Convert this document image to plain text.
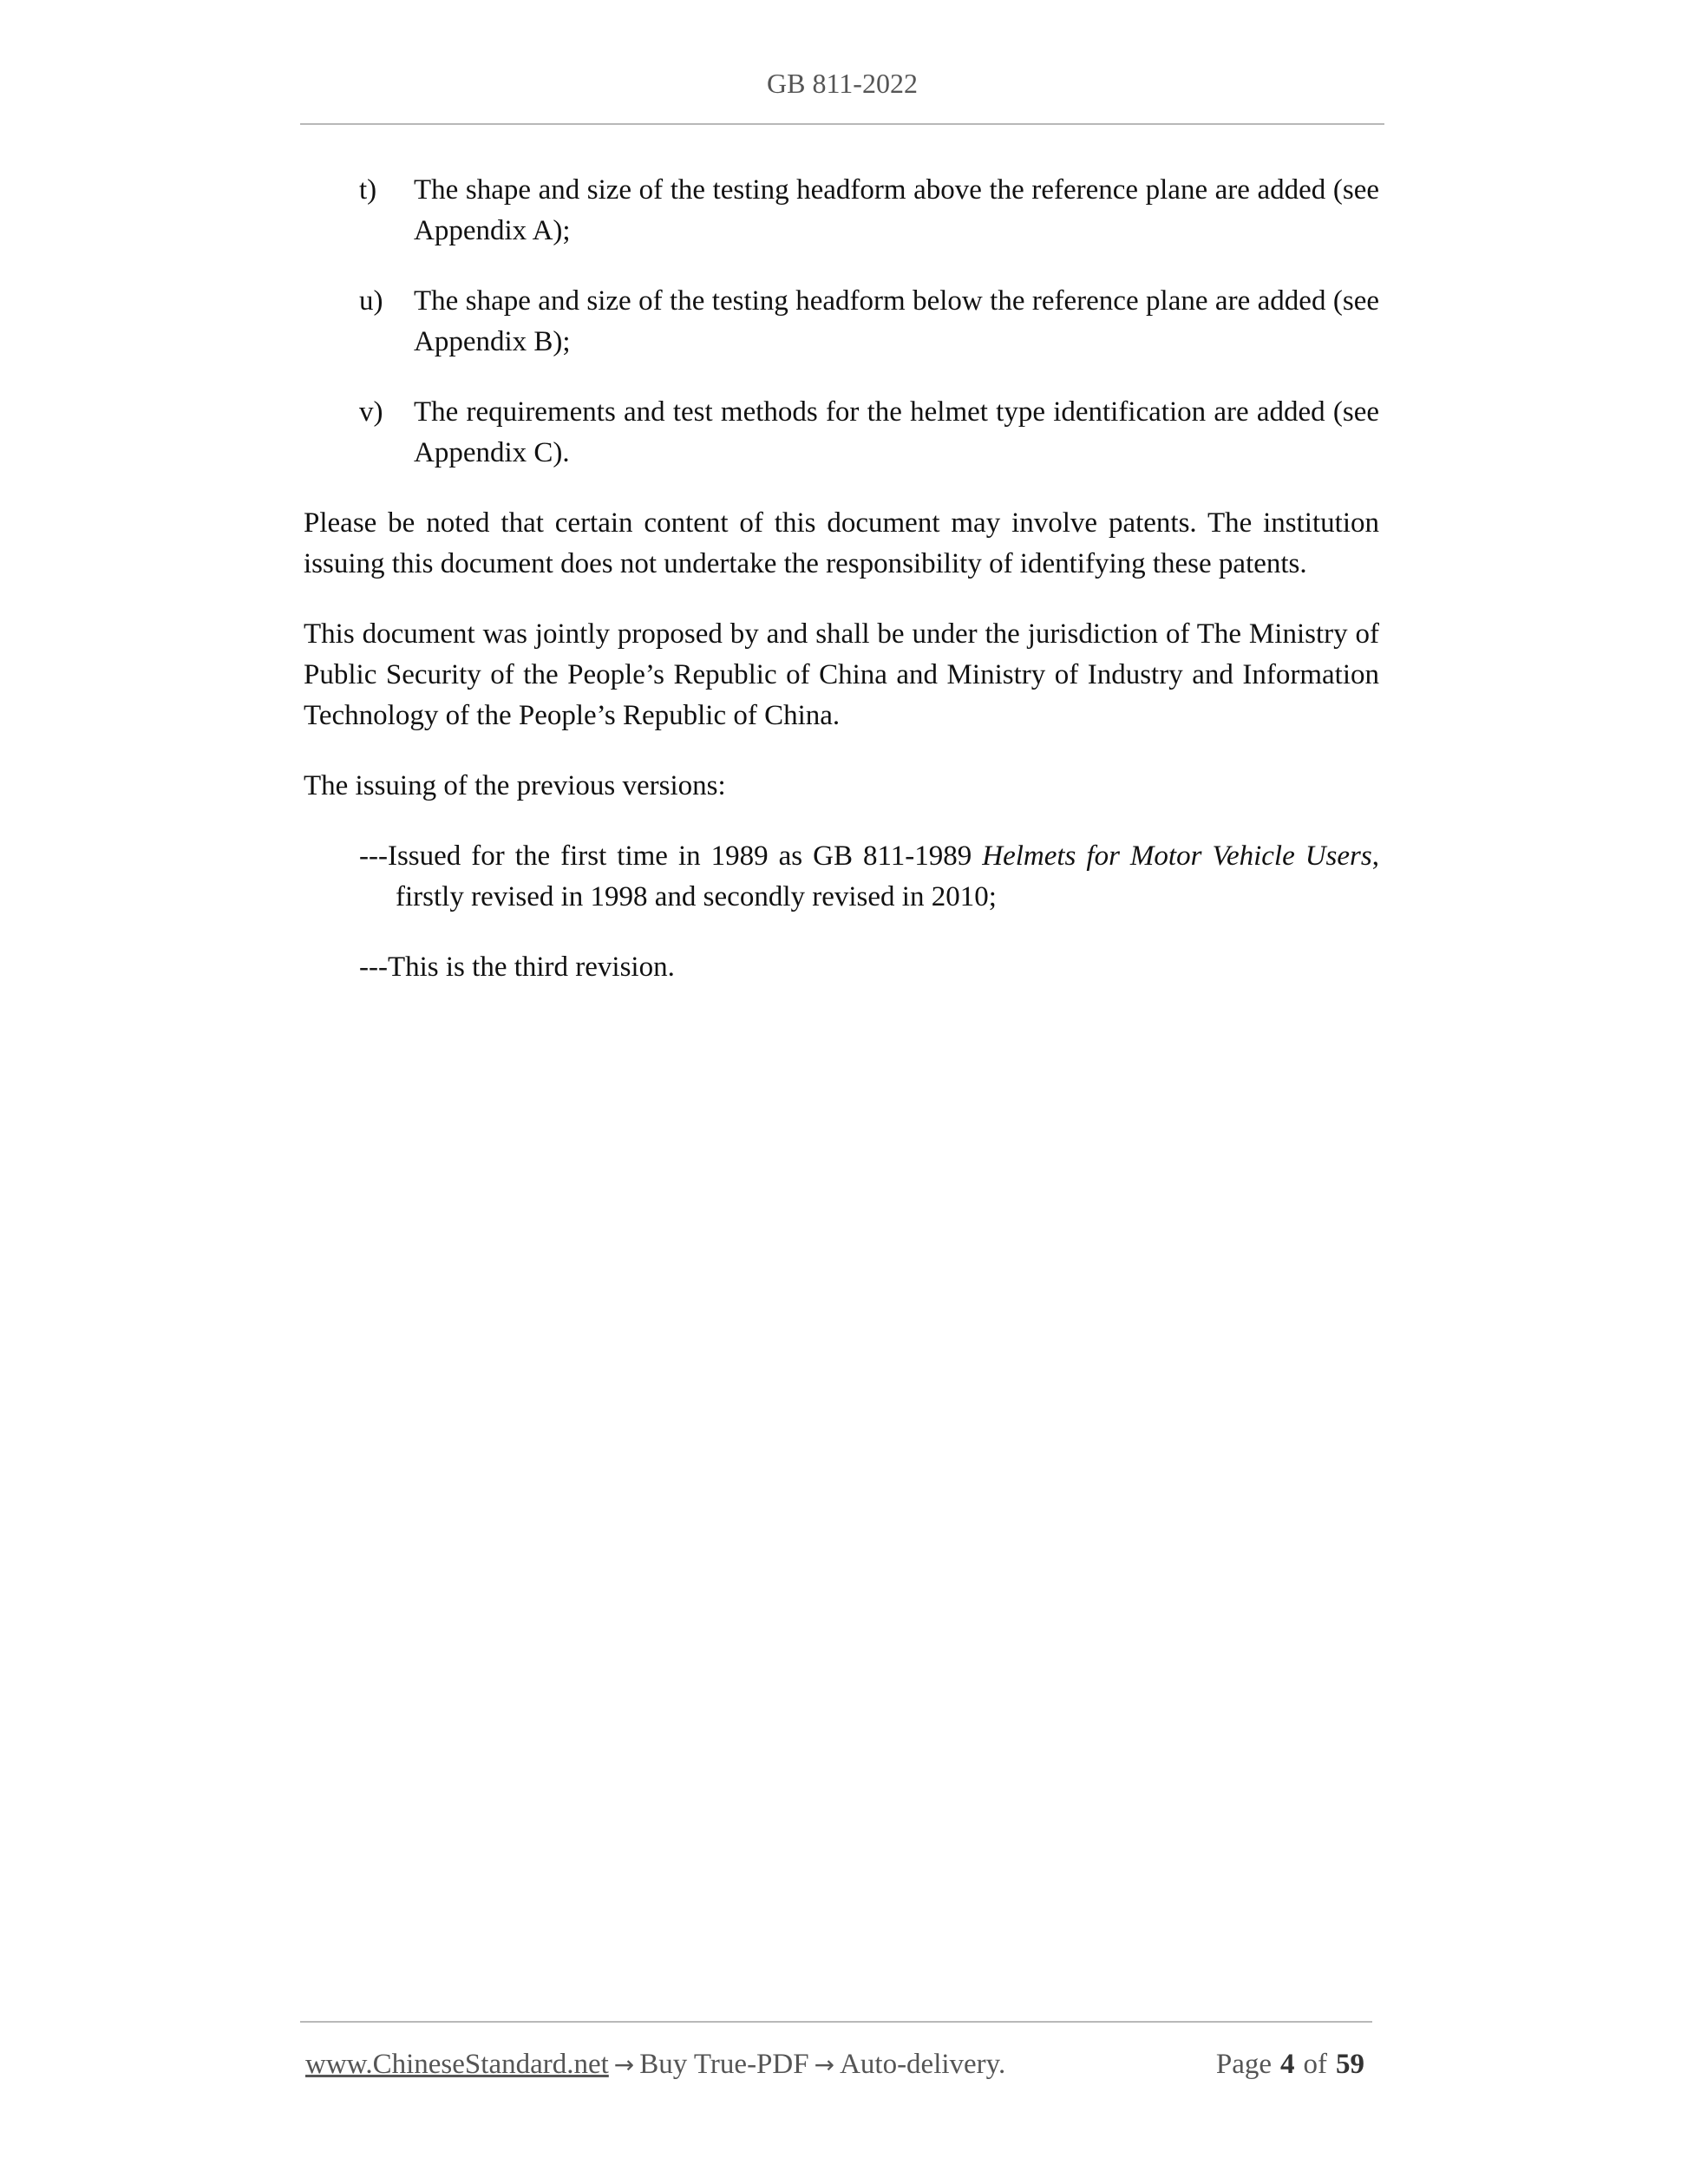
GB 811-2022
t) The shape and size of the testing headform above the reference plane are added (see Appendix A);
u) The shape and size of the testing headform below the reference plane are added (see Appendix B);
v) The requirements and test methods for the helmet type identification are added (see Appendix C).

Please be noted that certain content of this document may involve patents. The institution issuing this document does not undertake the responsibility of identifying these patents.

This document was jointly proposed by and shall be under the jurisdiction of The Ministry of Public Security of the People’s Republic of China and Ministry of Industry and Information Technology of the People’s Republic of China.

The issuing of the previous versions:

---Issued for the first time in 1989 as GB 811-1989 Helmets for Motor Vehicle Users, firstly revised in 1998 and secondly revised in 2010;
---This is the third revision.
www.ChineseStandard.net → Buy True-PDF → Auto-delivery.	Page 4 of 59
